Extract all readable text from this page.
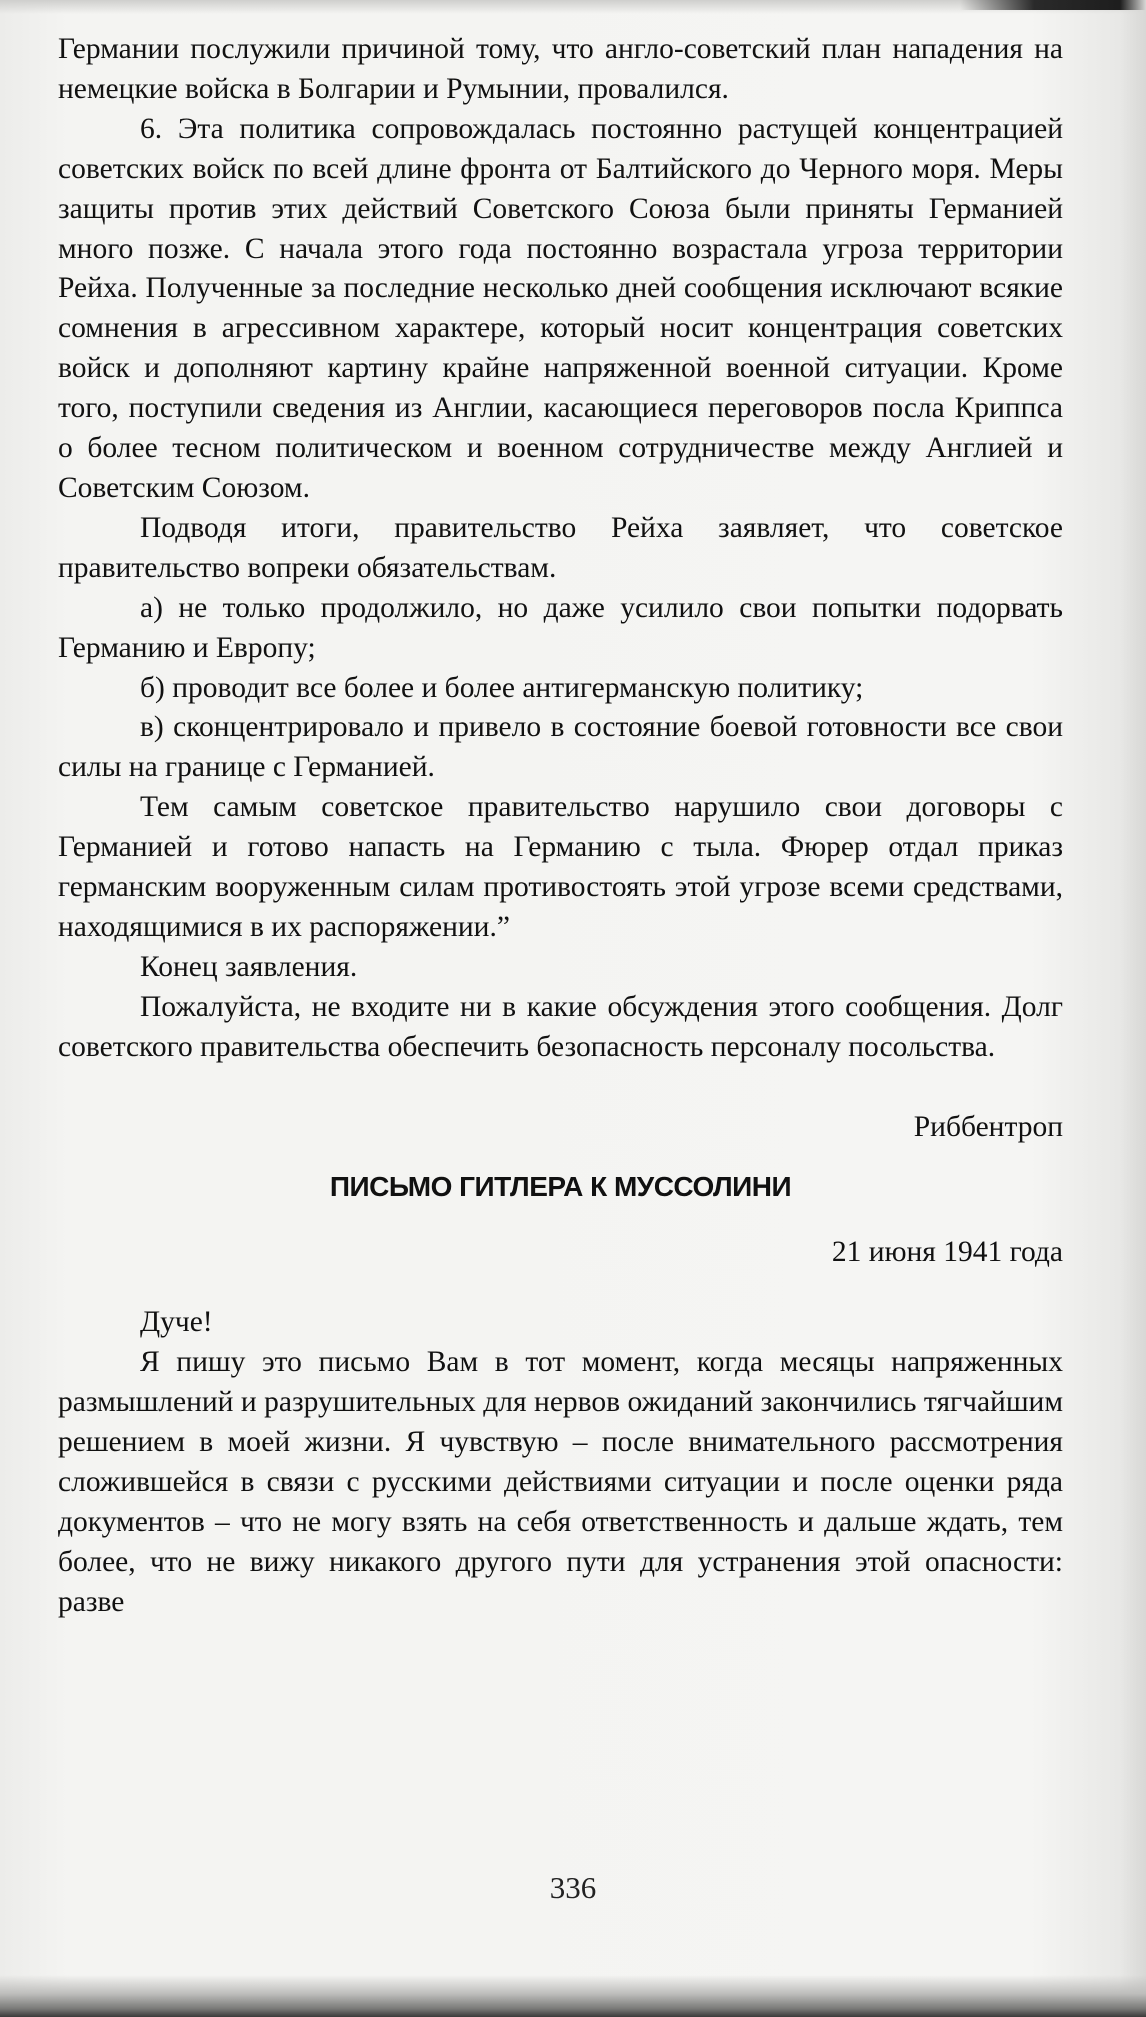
Германии послужили причиной тому, что англо-советский план нападения на немецкие войска в Болгарии и Румынии, провалился.

6. Эта политика сопровождалась постоянно растущей концентрацией советских войск по всей длине фронта от Балтийского до Черного моря. Меры защиты против этих действий Советского Союза были приняты Германией много позже. С начала этого года постоянно возрастала угроза территории Рейха. Полученные за последние несколько дней сообщения исключают всякие сомнения в агрессивном характере, который носит концентрация советских войск и дополняют картину крайне напряженной военной ситуации. Кроме того, поступили сведения из Англии, касающиеся переговоров посла Криппса о более тесном политическом и военном сотрудничестве между Англией и Советским Союзом.

Подводя итоги, правительство Рейха заявляет, что советское правительство вопреки обязательствам.

а) не только продолжило, но даже усилило свои попытки подорвать Германию и Европу;

б) проводит все более и более антигерманскую политику;

в) сконцентрировало и привело в состояние боевой готовности все свои силы на границе с Германией.

Тем самым советское правительство нарушило свои договоры с Германией и готово напасть на Германию с тыла. Фюрер отдал приказ германским вооруженным силам противостоять этой угрозе всеми средствами, находящимися в их распоряжении.”

Конец заявления.

Пожалуйста, не входите ни в какие обсуждения этого сообщения. Долг советского правительства обеспечить безопасность персоналу посольства.

Риббентроп

ПИСЬМО ГИТЛЕРА К МУССОЛИНИ

21 июня 1941 года

Дуче!

Я пишу это письмо Вам в тот момент, когда месяцы напряженных размышлений и разрушительных для нервов ожиданий закончились тягчайшим решением в моей жизни. Я чувствую – после внимательного рассмотрения сложившейся в связи с русскими действиями ситуации и после оценки ряда документов – что не могу взять на себя ответственность и дальше ждать, тем более, что не вижу никакого другого пути для устранения этой опасности: разве

336
